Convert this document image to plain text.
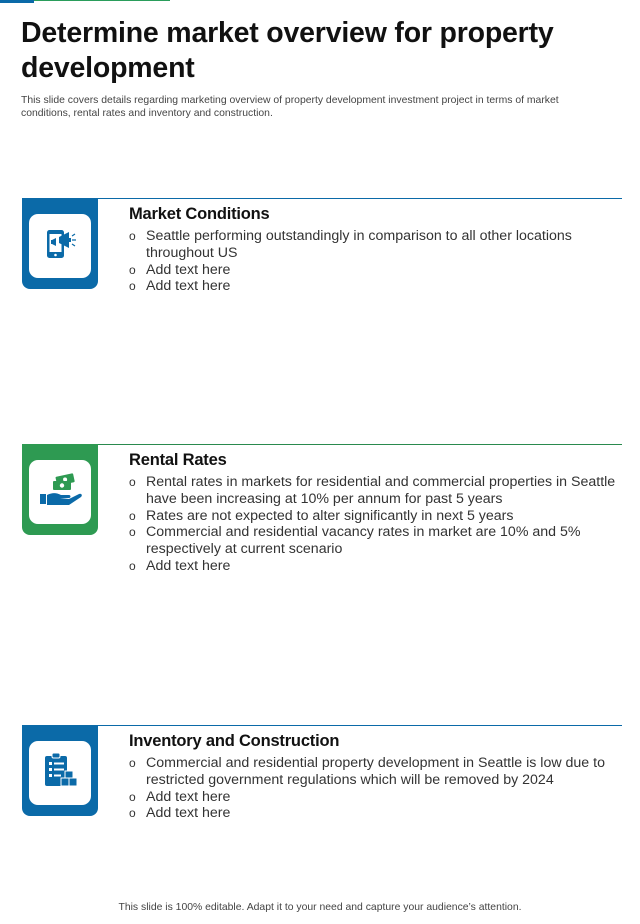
Determine market overview for property development

This slide covers details regarding marketing overview of property development investment project in terms of market conditions, rental rates and inventory and construction.

Market Conditions
o Seattle performing outstandingly in comparison to all other locations throughout US
o Add text here
o Add text here
Rental Rates
o Rental rates in markets for residential and commercial properties in Seattle have been increasing at 10% per annum for past 5 years
o Rates are not expected to alter significantly in next 5 years
o Commercial and residential vacancy rates in market are 10% and 5% respectively at current scenario
o Add text here
Inventory and Construction
o Commercial and residential property development in Seattle is low due to restricted government regulations which will be removed by 2024
o Add text here
o Add text here
This slide is 100% editable. Adapt it to your need and capture your audience’s attention.
